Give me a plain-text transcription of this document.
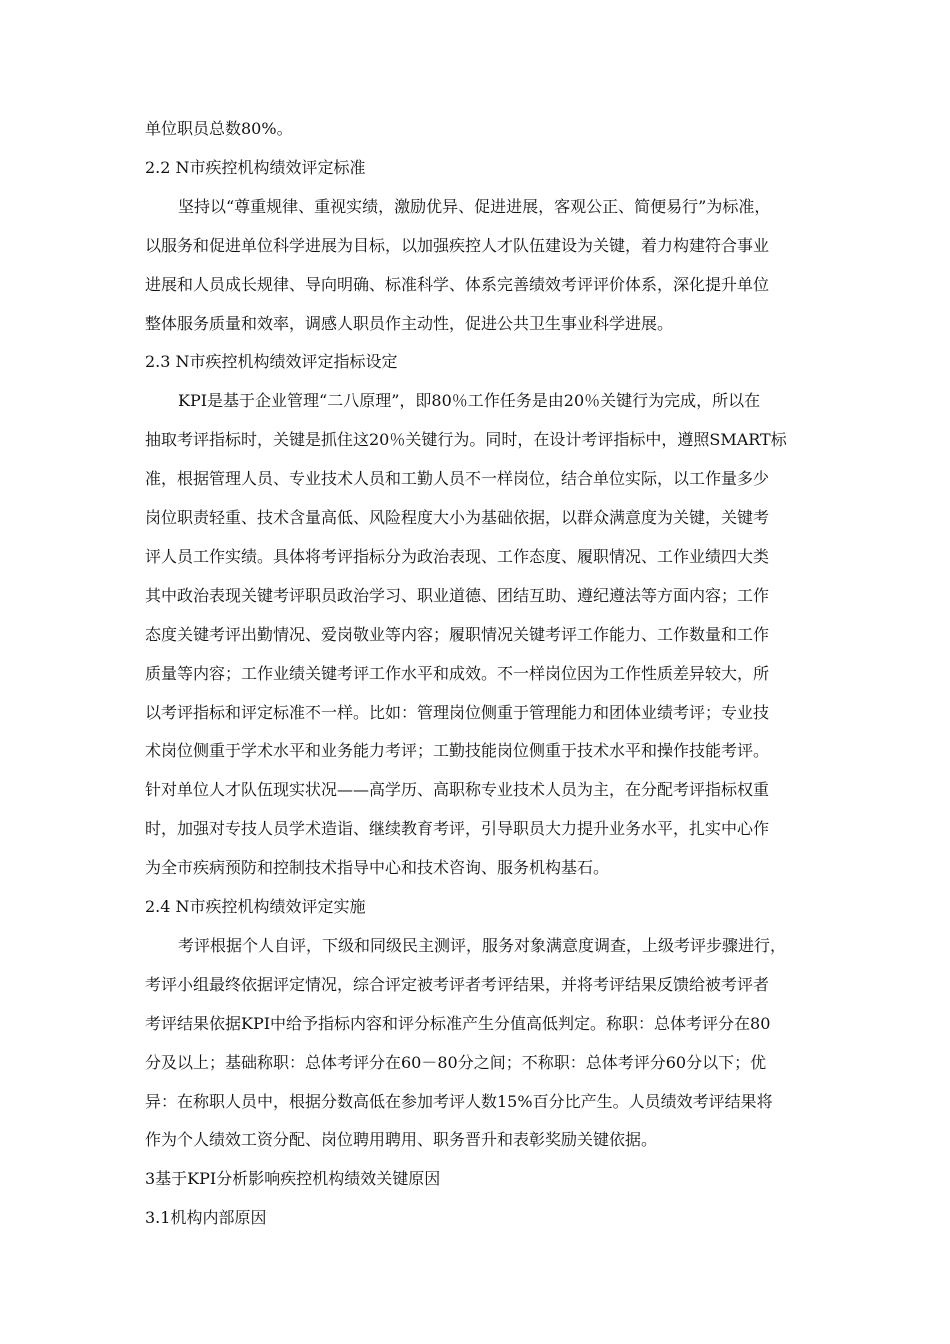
单位职员总数80%。
2.2 N市疾控机构绩效评定标准
坚持以“尊重规律、重视实绩，激励优异、促进进展，客观公正、简便易行”为标准，
以服务和促进单位科学进展为目标，以加强疾控人才队伍建设为关键，着力构建符合事业
进展和人员成长规律、导向明确、标准科学、体系完善绩效考评评价体系，深化提升单位
整体服务质量和效率，调感人职员作主动性，促进公共卫生事业科学进展。
2.3 N市疾控机构绩效评定指标设定
KPI是基于企业管理“二八原理”，即80％工作任务是由20％关键行为完成，所以在
抽取考评指标时，关键是抓住这20％关键行为。同时，在设计考评指标中，遵照SMART标
准，根据管理人员、专业技术人员和工勤人员不一样岗位，结合单位实际，以工作量多少
岗位职责轻重、技术含量高低、风险程度大小为基础依据，以群众满意度为关键，关键考
评人员工作实绩。具体将考评指标分为政治表现、工作态度、履职情况、工作业绩四大类
其中政治表现关键考评职员政治学习、职业道德、团结互助、遵纪遵法等方面内容；工作
态度关键考评出勤情况、爱岗敬业等内容；履职情况关键考评工作能力、工作数量和工作
质量等内容；工作业绩关键考评工作水平和成效。不一样岗位因为工作性质差异较大，所
以考评指标和评定标准不一样。比如：管理岗位侧重于管理能力和团体业绩考评；专业技
术岗位侧重于学术水平和业务能力考评；工勤技能岗位侧重于技术水平和操作技能考评。
针对单位人才队伍现实状况——高学历、高职称专业技术人员为主，在分配考评指标权重
时，加强对专技人员学术造诣、继续教育考评，引导职员大力提升业务水平，扎实中心作
为全市疾病预防和控制技术指导中心和技术咨询、服务机构基石。
2.4 N市疾控机构绩效评定实施
考评根据个人自评，下级和同级民主测评，服务对象满意度调查，上级考评步骤进行，
考评小组最终依据评定情况，综合评定被考评者考评结果，并将考评结果反馈给被考评者
考评结果依据KPI中给予指标内容和评分标准产生分值高低判定。称职：总体考评分在80
分及以上；基础称职：总体考评分在60－80分之间；不称职：总体考评分60分以下；优
异：在称职人员中，根据分数高低在参加考评人数15%百分比产生。人员绩效考评结果将
作为个人绩效工资分配、岗位聘用聘用、职务晋升和表彰奖励关键依据。
3基于KPI分析影响疾控机构绩效关键原因
3.1机构内部原因
